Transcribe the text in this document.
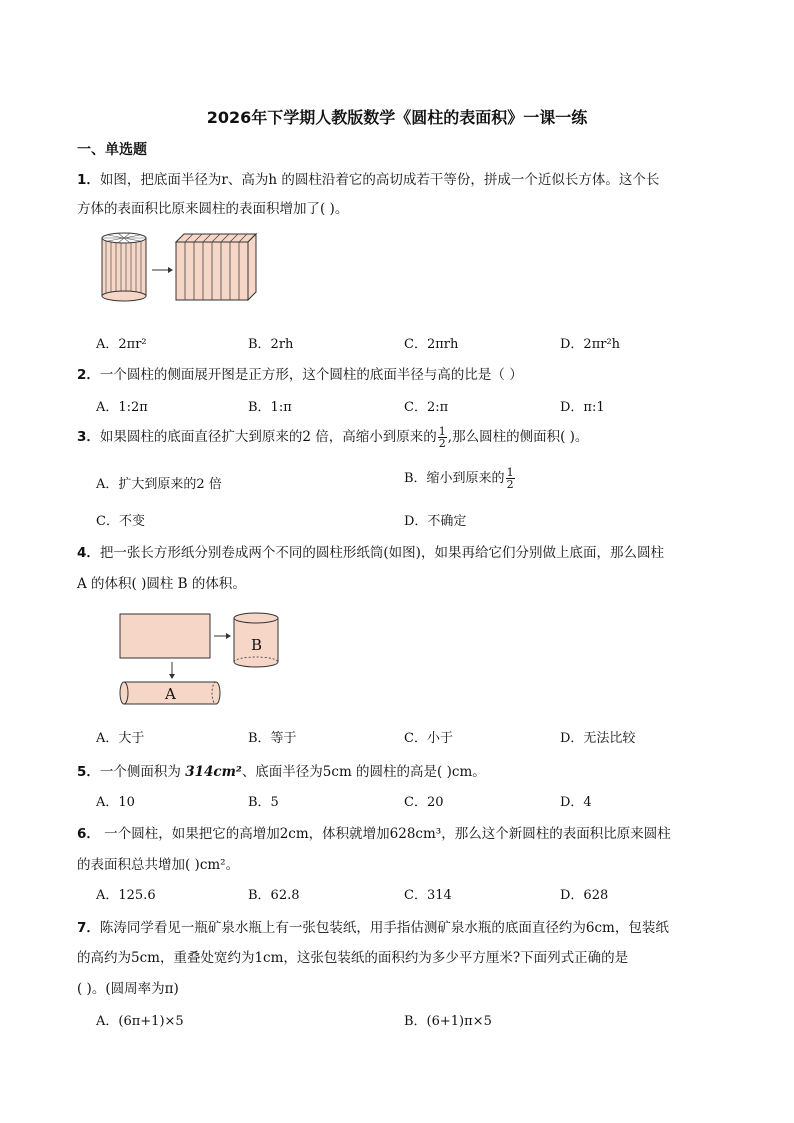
2026年下学期人教版数学《圆柱的表面积》一课一练
一、单选题
1．如图，把底面半径为r、高为h 的圆柱沿着它的高切成若干等份，拼成一个近似长方体。这个长
方体的表面积比原来圆柱的表面积增加了( )。
A．2πr²	B．2rh	C．2πrh	D．2πr²h
2．一个圆柱的侧面展开图是正方形，这个圆柱的底面半径与高的比是（ ）
A．1:2π	B．1:π	C．2:π	D．π:1
3．如果圆柱的底面直径扩大到原来的2 倍，高缩小到原来的 $\frac{1}{2}$ ,那么圆柱的侧面积( )。
A．扩大到原来的2 倍	B．缩小到原来的 $\frac{1}{2}$
C．不变	D．不确定
4．把一张长方形纸分别卷成两个不同的圆柱形纸筒(如图)，如果再给它们分别做上底面，那么圆柱
A 的体积( )圆柱 B 的体积。
B
A
A．大于	B．等于	C．小于	D．无法比较
5．一个侧面积为 314cm²、底面半径为5cm 的圆柱的高是( )cm。
A．10	B．5	C．20	D．4
6． 一个圆柱，如果把它的高增加2cm，体积就增加628cm³，那么这个新圆柱的表面积比原来圆柱
的表面积总共增加( )cm²。
A．125.6	B．62.8	C．314	D．628
7．陈涛同学看见一瓶矿泉水瓶上有一张包装纸，用手指估测矿泉水瓶的底面直径约为6cm，包装纸
的高约为5cm，重叠处宽约为1cm，这张包装纸的面积约为多少平方厘米?下面列式正确的是
( )。(圆周率为π)
A．(6π+1)×5	B．(6+1)π×5
